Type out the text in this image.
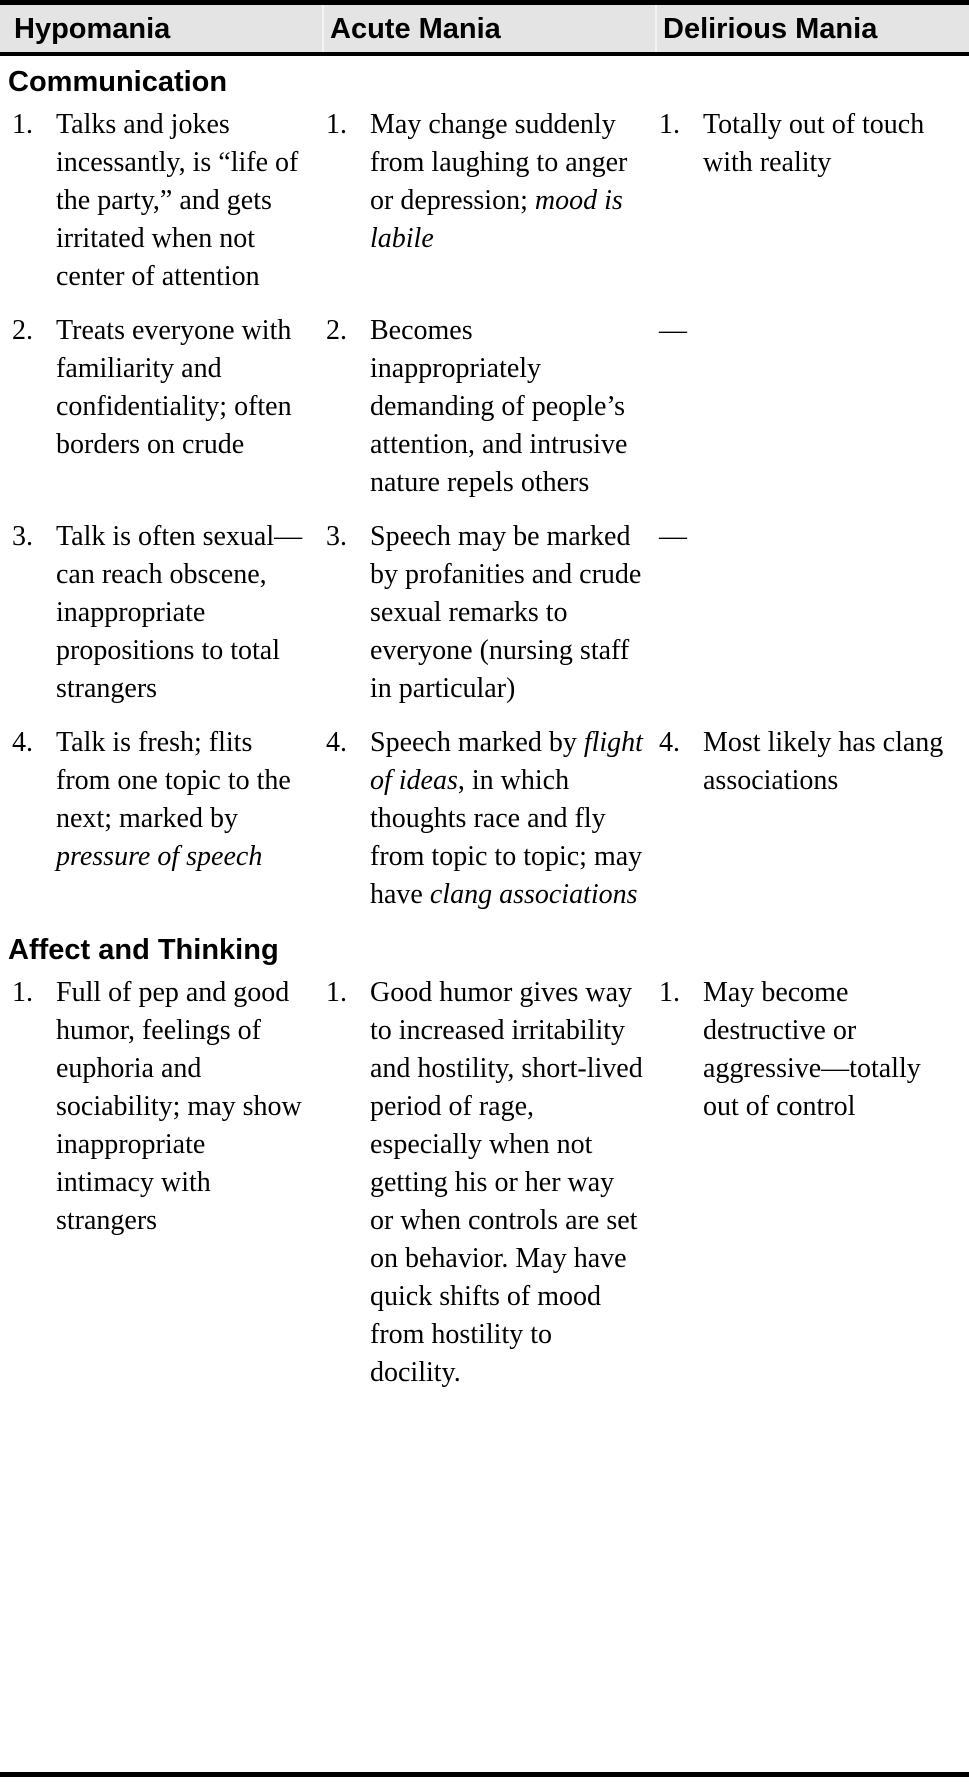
Hypomania	Acute Mania	Delirious Mania
Communication
1. Talks and jokes incessantly, is “life of the party,” and gets irritated when not center of attention
1. May change suddenly from laughing to anger or depression; mood is labile
1. Totally out of touch with reality
2. Treats everyone with familiarity and confidentiality; often borders on crude
2. Becomes inappropriately demanding of people’s attention, and intrusive nature repels others
—
3. Talk is often sexual—can reach obscene, inappropriate propositions to total strangers
3. Speech may be marked by profanities and crude sexual remarks to everyone (nursing staff in particular)
—
4. Talk is fresh; flits from one topic to the next; marked by pressure of speech
4. Speech marked by flight of ideas, in which thoughts race and fly from topic to topic; may have clang associations
4. Most likely has clang associations
Affect and Thinking
1. Full of pep and good humor, feelings of euphoria and sociability; may show inappropriate intimacy with strangers
1. Good humor gives way to increased irritability and hostility, short-lived period of rage, especially when not getting his or her way or when controls are set on behavior. May have quick shifts of mood from hostility to docility.
1. May become destructive or aggressive—totally out of control
